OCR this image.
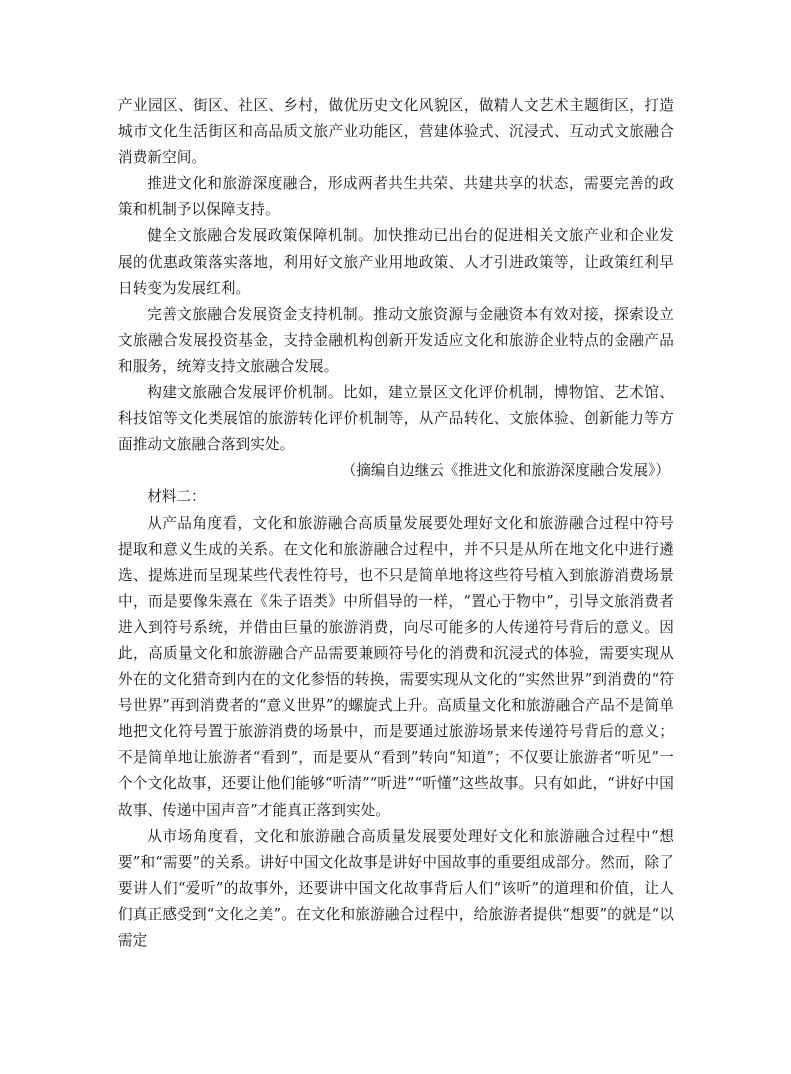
产业园区、街区、社区、乡村，做优历史文化风貌区，做精人文艺术主题街区，打造城市文化生活街区和高品质文旅产业功能区，营建体验式、沉浸式、互动式文旅融合消费新空间。

推进文化和旅游深度融合，形成两者共生共荣、共建共享的状态，需要完善的政策和机制予以保障支持。

健全文旅融合发展政策保障机制。加快推动已出台的促进相关文旅产业和企业发展的优惠政策落实落地，利用好文旅产业用地政策、人才引进政策等，让政策红利早日转变为发展红利。

完善文旅融合发展资金支持机制。推动文旅资源与金融资本有效对接，探索设立文旅融合发展投资基金，支持金融机构创新开发适应文化和旅游企业特点的金融产品和服务，统筹支持文旅融合发展。

构建文旅融合发展评价机制。比如，建立景区文化评价机制，博物馆、艺术馆、科技馆等文化类展馆的旅游转化评价机制等，从产品转化、文旅体验、创新能力等方面推动文旅融合落到实处。

（摘编自边继云《推进文化和旅游深度融合发展》）

材料二：

从产品角度看，文化和旅游融合高质量发展要处理好文化和旅游融合过程中符号提取和意义生成的关系。在文化和旅游融合过程中，并不只是从所在地文化中进行遴选、提炼进而呈现某些代表性符号，也不只是简单地将这些符号植入到旅游消费场景中，而是要像朱熹在《朱子语类》中所倡导的一样，“置心于物中”，引导文旅消费者进入到符号系统，并借由巨量的旅游消费，向尽可能多的人传递符号背后的意义。因此，高质量文化和旅游融合产品需要兼顾符号化的消费和沉浸式的体验，需要实现从外在的文化猎奇到内在的文化参悟的转换，需要实现从文化的“实然世界”到消费的“符号世界”再到消费者的“意义世界”的螺旋式上升。高质量文化和旅游融合产品不是简单地把文化符号置于旅游消费的场景中，而是要通过旅游场景来传递符号背后的意义；不是简单地让旅游者“看到”，而是要从“看到”转向“知道”；不仅要让旅游者“听见”一个个文化故事，还要让他们能够“听清”“听进”“听懂”这些故事。只有如此，“讲好中国故事、传递中国声音”才能真正落到实处。

从市场角度看，文化和旅游融合高质量发展要处理好文化和旅游融合过程中“想要”和“需要”的关系。讲好中国文化故事是讲好中国故事的重要组成部分。然而，除了要讲人们“爱听”的故事外，还要讲中国文化故事背后人们“该听”的道理和价值，让人们真正感受到“文化之美”。在文化和旅游融合过程中，给旅游者提供“想要”的就是“以需定
